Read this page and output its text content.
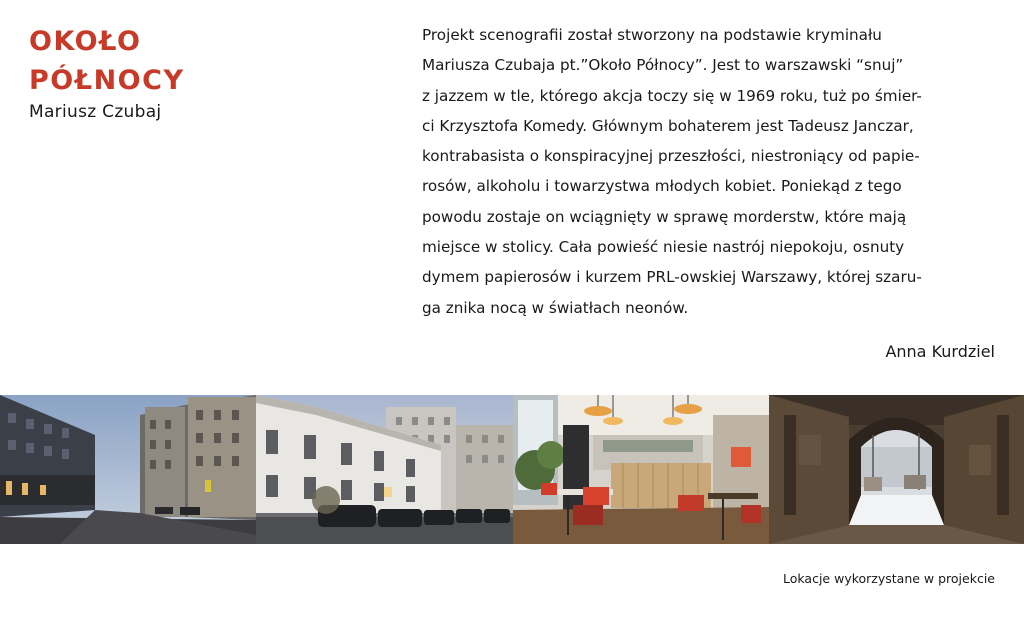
OKOŁO
PÓŁNOCY
Mariusz Czubaj

Projekt scenografii został stworzony na podstawie kryminału
Mariusza Czubaja pt.”Około Północy”. Jest to warszawski “snuj”
z jazzem w tle, którego akcja toczy się w 1969 roku, tuż po śmier-
ci Krzysztofa Komedy. Głównym bohaterem jest Tadeusz Janczar,
kontrabasista o konspiracyjnej przeszłości, niestroniący od papie-
rosów, alkoholu i towarzystwa młodych kobiet. Poniekąd z tego
powodu zostaje on wciągnięty w sprawę morderstw, które mają
miejsce w stolicy. Cała powieść niesie nastrój niepokoju, osnuty
dymem papierosów i kurzem PRL-owskiej Warszawy, której szaru-
ga znika nocą w światłach neonów.

Anna Kurdziel
Lokacje wykorzystane w projekcie
